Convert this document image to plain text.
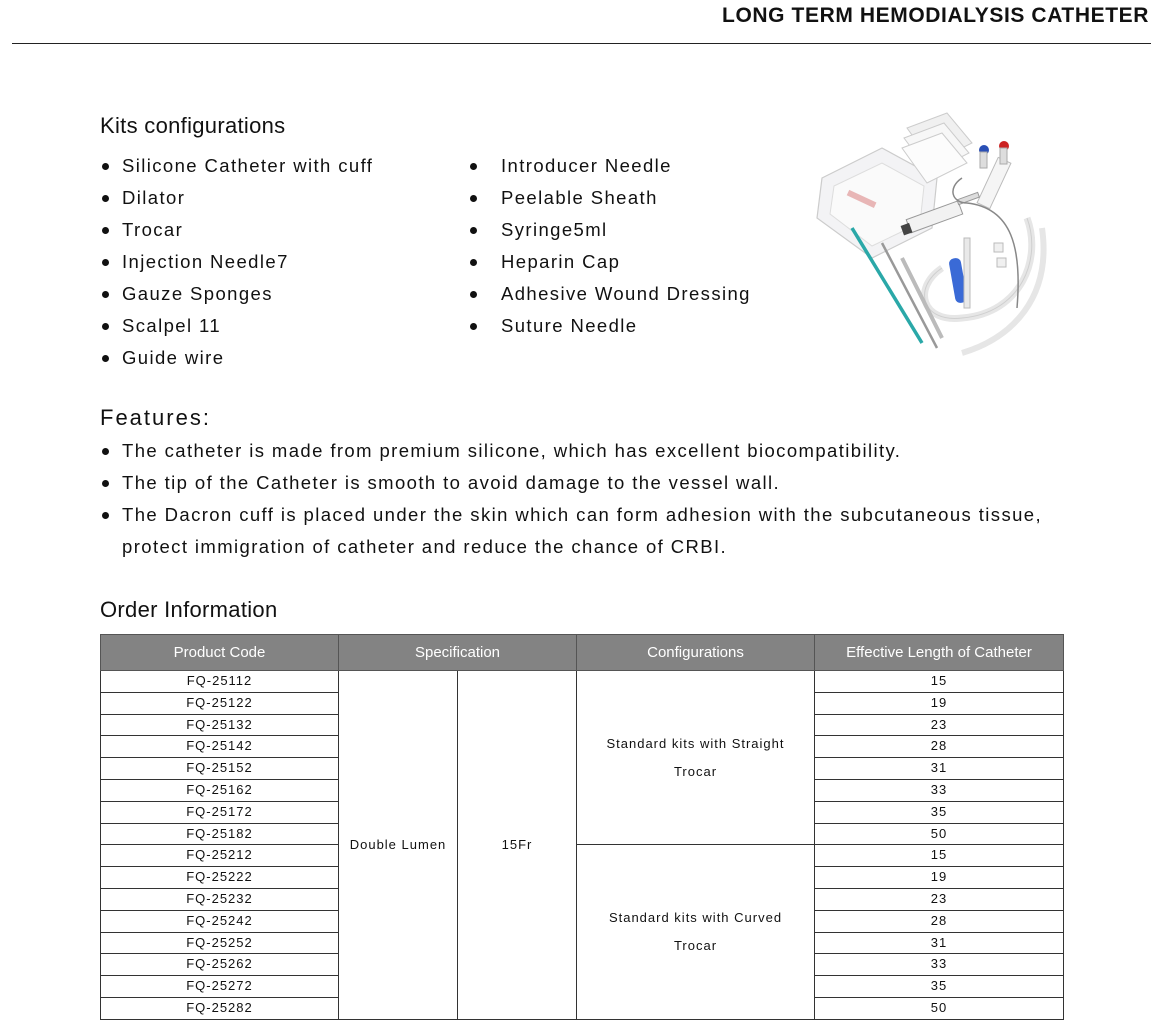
LONG TERM HEMODIALYSIS CATHETER
Kits configurations
Silicone Catheter with cuff
Dilator
Trocar
Injection Needle7
Gauze Sponges
Scalpel 11
Guide wire
Introducer Needle
Peelable Sheath
Syringe5ml
Heparin Cap
Adhesive Wound Dressing
Suture Needle
Features:
The catheter is made from premium silicone, which has excellent biocompatibility.
The tip of the Catheter is smooth to avoid damage to the vessel wall.
The Dacron cuff is placed under the skin which can form adhesion with the subcutaneous tissue, protect immigration of catheter and reduce the chance of CRBI.
Order Information
Product Code	Specification		Configurations	Effective Length of Catheter
FQ-25112	Double Lumen	15Fr	Standard kits with Straight Trocar	15
FQ-25122				19
FQ-25132				23
FQ-25142				28
FQ-25152				31
FQ-25162				33
FQ-25172				35
FQ-25182				50
FQ-25212			Standard kits with Curved Trocar	15
FQ-25222				19
FQ-25232				23
FQ-25242				28
FQ-25252				31
FQ-25262				33
FQ-25272				35
FQ-25282				50
